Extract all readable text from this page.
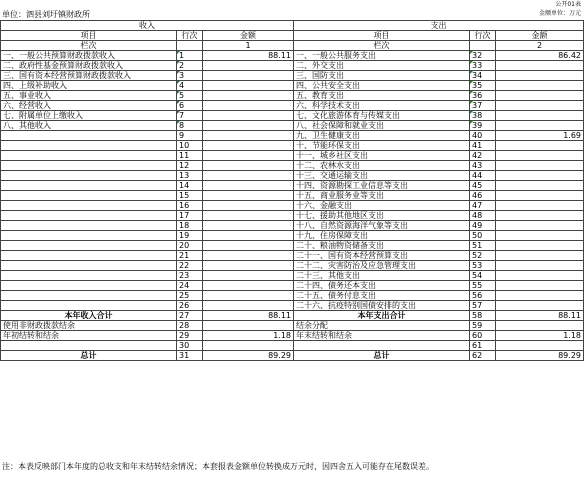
公开01表
金额单位：万元
单位：泗县刘圩镇财政所
收入			支出		
项目	行次	金额	项目	行次	金额
栏次		1	栏次		2
一、一般公共预算财政拨款收入	1	88.11	一、一般公共服务支出	32	86.42
二、政府性基金预算财政拨款收入	2		二、外交支出	33	
三、国有资本经营预算财政拨款收入	3		三、国防支出	34	
四、上级补助收入	4		四、公共安全支出	35	
五、事业收入	5		五、教育支出	36	
六、经营收入	6		六、科学技术支出	37	
七、附属单位上缴收入	7		七、文化旅游体育与传媒支出	38	
八、其他收入	8		八、社会保障和就业支出	39	
	9		九、卫生健康支出	40	1.69
	10		十、节能环保支出	41	
	11		十一、城乡社区支出	42	
	12		十二、农林水支出	43	
	13		十三、交通运输支出	44	
	14		十四、资源勘探工业信息等支出	45	
	15		十五、商业服务业等支出	46	
	16		十六、金融支出	47	
	17		十七、援助其他地区支出	48	
	18		十八、自然资源海洋气象等支出	49	
	19		十九、住房保障支出	50	
	20		二十、粮油物资储备支出	51	
	21		二十一、国有资本经营预算支出	52	
	22		二十二、灾害防治及应急管理支出	53	
	23		二十三、其他支出	54	
	24		二十四、债务还本支出	55	
	25		二十五、债务付息支出	56	
	26		二十六、抗疫特别国债安排的支出	57	
本年收入合计	27	88.11	本年支出合计	58	88.11
使用非财政拨款结余	28		结余分配	59	
年初结转和结余	29	1.18	年末结转和结余	60	1.18
	30			61	
总计	31	89.29	总计	62	89.29
注：本表反映部门本年度的总收支和年末结转结余情况；本套报表金额单位转换成万元时，因四舍五入可能存在尾数误差。
